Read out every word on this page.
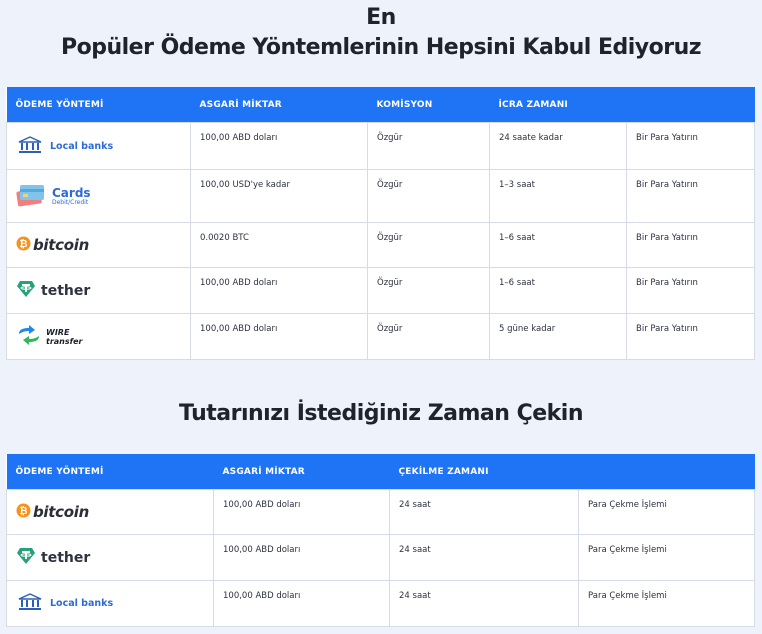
En
Popüler Ödeme Yöntemlerinin Hepsini Kabul Ediyoruz
ÖDEME YÖNTEMİ	ASGARİ MİKTAR	KOMİSYON	İCRA ZAMANI	

Local banks	100,00 ABD doları	Özgür	24 saate kadar	Bir Para Yatırın

Cards
Debit/Credit	100,00 USD'ye kadar	Özgür	1–3 saat	Bir Para Yatırın

₿ bitcoin	0.0020 BTC	Özgür	1–6 saat	Bir Para Yatırın

tether	100,00 ABD doları	Özgür	1–6 saat	Bir Para Yatırın

WIRE
transfer	100,00 ABD doları	Özgür	5 güne kadar	Bir Para Yatırın
Tutarınızı İstediğiniz Zaman Çekin
ÖDEME YÖNTEMİ	ASGARİ MİKTAR	ÇEKİLME ZAMANI	

₿ bitcoin	100,00 ABD doları	24 saat	Para Çekme İşlemi

tether	100,00 ABD doları	24 saat	Para Çekme İşlemi

Local banks	100,00 ABD doları	24 saat	Para Çekme İşlemi
